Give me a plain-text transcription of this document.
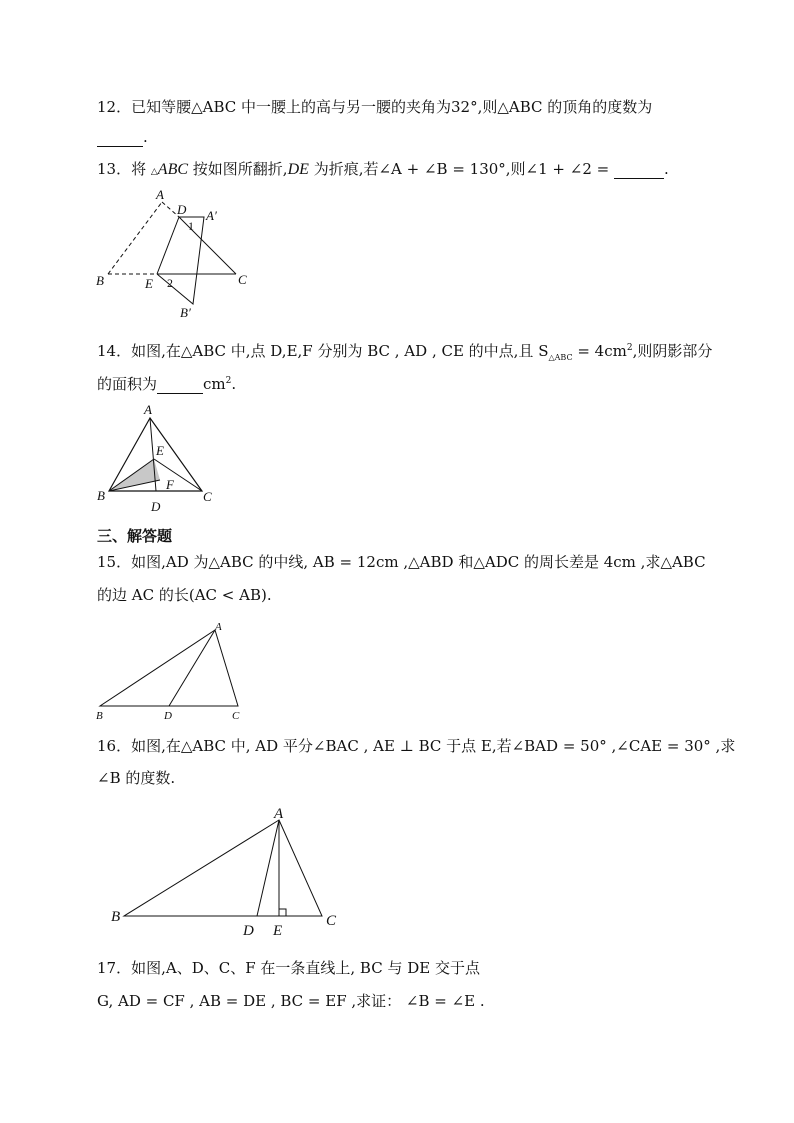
12．已知等腰△ABC 中一腰上的高与另一腰的夹角为32°,则△ABC 的顶角的度数为
.
13．将 △ABC 按如图所翻折,DE 为折痕,若∠A + ∠B = 130°,则∠1 + ∠2 =	.
A
D A′
1
B	E 2	C
B′
14．如图,在△ABC 中,点 D,E,F 分别为 BC , AD , CE 的中点,且 $S_{\triangle ABC} = 4cm^2$,则阴影部分
的面积为	$cm^2$.
A
E
F
B
D
C
三、解答题
15．如图,AD 为△ABC 的中线, AB = 12cm ,△ABD 和△ADC 的周长差是 4cm ,求△ABC
的边 AC 的长(AC < AB).
A
B	D	C
16．如图,在△ABC 中, AD 平分∠BAC , AE ⊥ BC 于点 E,若∠BAD = 50° ,∠CAE = 30° ,求
∠B 的度数.
A
B
D E
C
17．如图,A、D、C、F 在一条直线上, BC 与 DE 交于点
G, AD = CF , AB = DE , BC = EF ,求证： ∠B = ∠E .
